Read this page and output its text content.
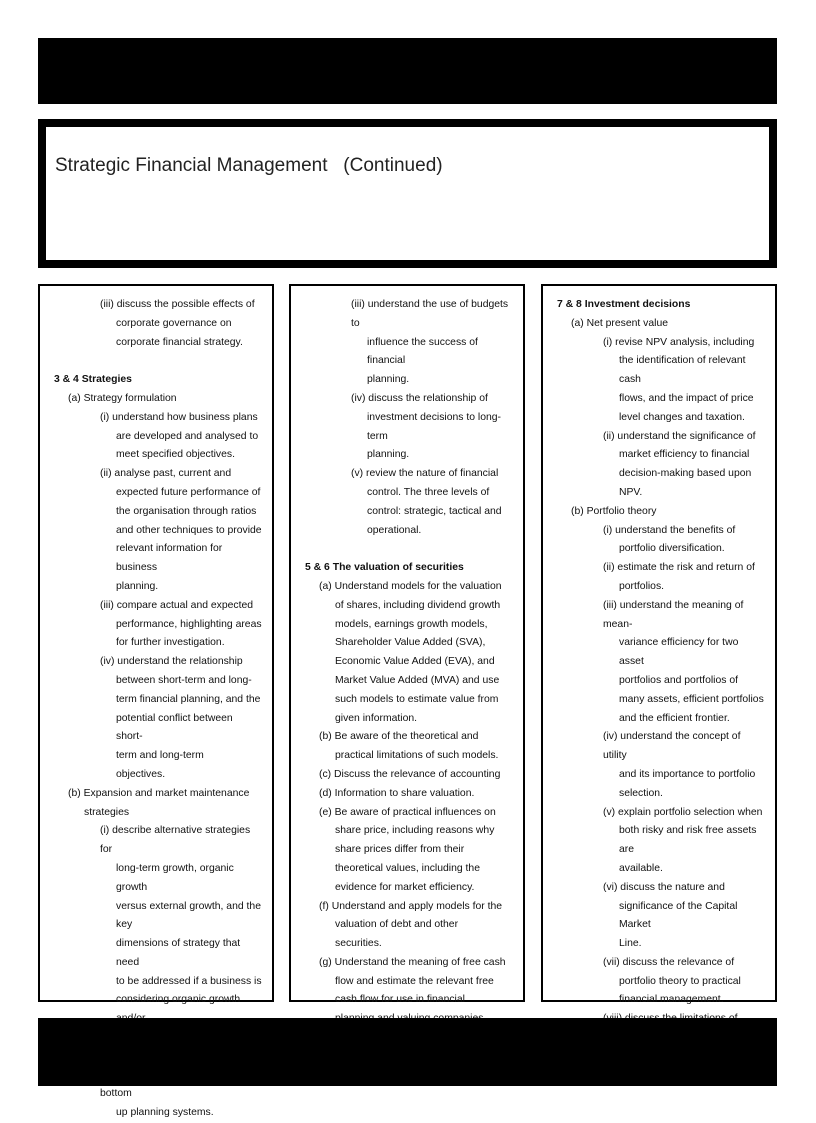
Strategic Financial Management   (Continued)
(iii) discuss the possible effects of
corporate governance on
corporate financial strategy.
3 & 4 Strategies
(a) Strategy formulation
(i) understand how business plans
are developed and analysed to
meet specified objectives.
(ii) analyse past, current and
expected future performance of
the organisation through ratios
and other techniques to provide
relevant information for business
planning.
(iii) compare actual and expected
performance, highlighting areas
for further investigation.
(iv) understand the relationship
between short-term and long-
term financial planning, and the
potential conflict between short-
term and long-term
objectives.
(b) Expansion and market maintenance
strategies
(i) describe alternative strategies for
long-term growth, organic growth
versus external growth, and the key
dimensions of strategy that need
to be addressed if a business is
considering organic growth
bottom
up planning systems.
(iii) understand the use of budgets to
influence the success of financial
planning.
(iv) discuss the relationship of
investment decisions to long-term
planning.
(v) review the nature of financial
control. The three levels of
control: strategic, tactical and
operational.
5 & 6 The valuation of securities
(a) Understand models for the valuation
of shares, including dividend growth
models, earnings growth models,
Shareholder Value Added (SVA),
Economic Value Added (EVA), and
Market Value Added (MVA) and use
such models to estimate value from
given information.
(b) Be aware of the theoretical and
practical limitations of such models.
(c) Discuss the relevance of accounting
(d) Information to share valuation.
(e) Be aware of practical influences on
share price, including reasons why
share prices differ from their
theoretical values, including the
evidence for market efficiency.
(f) Understand and apply models for the
valuation of debt and other
securities.
(g) Understand the meaning of free cash
flow and estimate the relevant free
cash flow for use in financial
7 & 8 Investment decisions
(a) Net present value
(i) revise NPV analysis, including
the identification of relevant cash
flows, and the impact of price
level changes and taxation.
(ii) understand the significance of
market efficiency to financial
decision-making based upon
NPV.
(b) Portfolio theory
(i) understand the benefits of
portfolio diversification.
(ii) estimate the risk and return of
portfolios.
(iii) understand the meaning of mean-
variance efficiency for two asset
portfolios and portfolios of
many assets, efficient portfolios
and the efficient frontier.
(iv) understand the concept of utility
and its importance to portfolio
selection.
(v) explain portfolio selection when
both risky and risk free assets are
available.
(vi) discuss the nature and
significance of the Capital Market
Line.
(vii) discuss the relevance of
portfolio theory to practical
financial management.
